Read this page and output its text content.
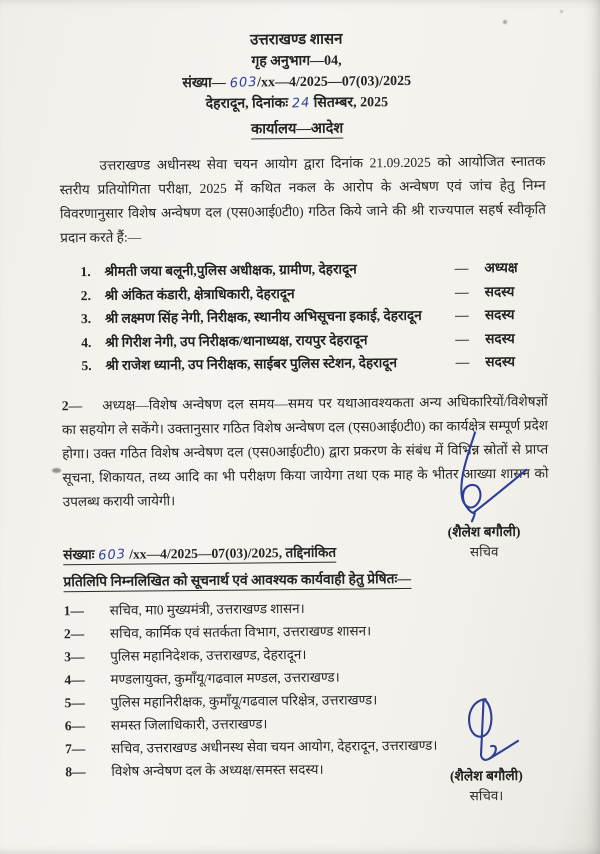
उत्तराखण्ड शासन
गृह अनुभाग—04,
संख्या— 603/xx—4/2025—07(03)/2025
देहरादून, दिनांकः 24 सितम्बर, 2025
कार्यालय—आदेश

उत्तराखण्ड अधीनस्थ सेवा चयन आयोग द्वारा दिनांक 21.09.2025 को आयोजित स्नातक स्तरीय प्रतियोगिता परीक्षा, 2025 में कथित नकल के आरोप के अन्वेषण एवं जांच हेतु निम्न विवरणानुसार विशेष अन्वेषण दल (एस0आई0टी0) गठित किये जाने की श्री राज्यपाल सहर्ष स्वीकृति प्रदान करते हैं:—

1.	श्रीमती जया बलूनी,पुलिस अधीक्षक, ग्रामीण, देहरादून	—	अध्यक्ष
2.	श्री अंकित कंडारी, क्षेत्राधिकारी, देहरादून	—	सदस्य
3.	श्री लक्ष्मण सिंह नेगी, निरीक्षक, स्थानीय अभिसूचना इकाई, देहरादून	—	सदस्य
4.	श्री गिरीश नेगी, उप निरीक्षक/थानाध्यक्ष, रायपुर देहरादून	—	सदस्य
5.	श्री राजेश ध्यानी, उप निरीक्षक, साईबर पुलिस स्टेशन, देहरादून	—	सदस्य

2— अध्यक्ष—विशेष अन्वेषण दल समय—समय पर यथाआवश्यकता अन्य अधिकारियों/विशेषज्ञों का सहयोग ले सकेंगे। उक्तानुसार गठित विशेष अन्वेषण दल (एस0आई0टी0) का कार्यक्षेत्र सम्पूर्ण प्रदेश होगा। उक्त गठित विशेष अन्वेषण दल (एस0आई0टी0) द्वारा प्रकरण के संबंध में विभिन्न स्रोतों से प्राप्त सूचना, शिकायत, तथ्य आदि का भी परीक्षण किया जायेगा तथा एक माह के भीतर आख्या शासन को उपलब्ध करायी जायेगी।

(शैलेश बगौली)
सचिव
संख्याः 603 /xx—4/2025—07(03)/2025, तद्दिनांकित
प्रतिलिपि निम्नलिखित को सूचनार्थ एवं आवश्यक कार्यवाही हेतु प्रेषितः—
1—	सचिव, मा0 मुख्यमंत्री, उत्तराखण्ड शासन।
2—	सचिव, कार्मिक एवं सतर्कता विभाग, उत्तराखण्ड शासन।
3—	पुलिस महानिदेशक, उत्तराखण्ड, देहरादून।
4—	मण्डलायुक्त, कुमाँयू/गढवाल मण्डल, उत्तराखण्ड।
5—	पुलिस महानिरीक्षक, कुमाँयू/गढवाल परिक्षेत्र, उत्तराखण्ड।
6—	समस्त जिलाधिकारी, उत्तराखण्ड।
7—	सचिव, उत्तराखण्ड अधीनस्थ सेवा चयन आयोग, देहरादून, उत्तराखण्ड।
8—	विशेष अन्वेषण दल के अध्यक्ष/समस्त सदस्य।	(शैलेश बगौली)
सचिव।
